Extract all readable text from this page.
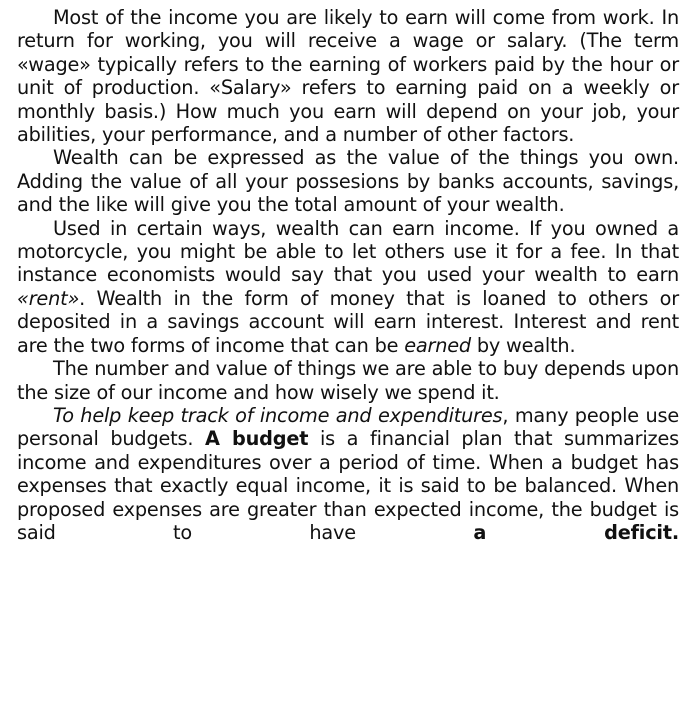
Most of the income you are likely to earn will come from work. In return for working, you will receive a wage or salary. (The term «wage» typically refers to the earning of workers paid by the hour or unit of production. «Salary» refers to earning paid on a weekly or monthly basis.) How much you earn will depend on your job, your abilities, your performance, and a number of other factors.

Wealth can be expressed as the value of the things you own. Adding the value of all your possesions by banks accounts, savings, and the like will give you the total amount of your wealth.

Used in certain ways, wealth can earn income. If you owned a motorcycle, you might be able to let others use it for a fee. In that instance economists would say that you used your wealth to earn «rent». Wealth in the form of money that is loaned to others or deposited in a savings account will earn interest. Interest and rent are the two forms of income that can be earned by wealth.

The number and value of things we are able to buy depends upon the size of our income and how wisely we spend it.

To help keep track of income and expenditures, many people use personal budgets. A budget is a financial plan that summarizes income and expenditures over a period of time. When a budget has expenses that exactly equal income, it is said to be balanced. When proposed expenses are greater than expected income, the budget is said to have a deficit.
